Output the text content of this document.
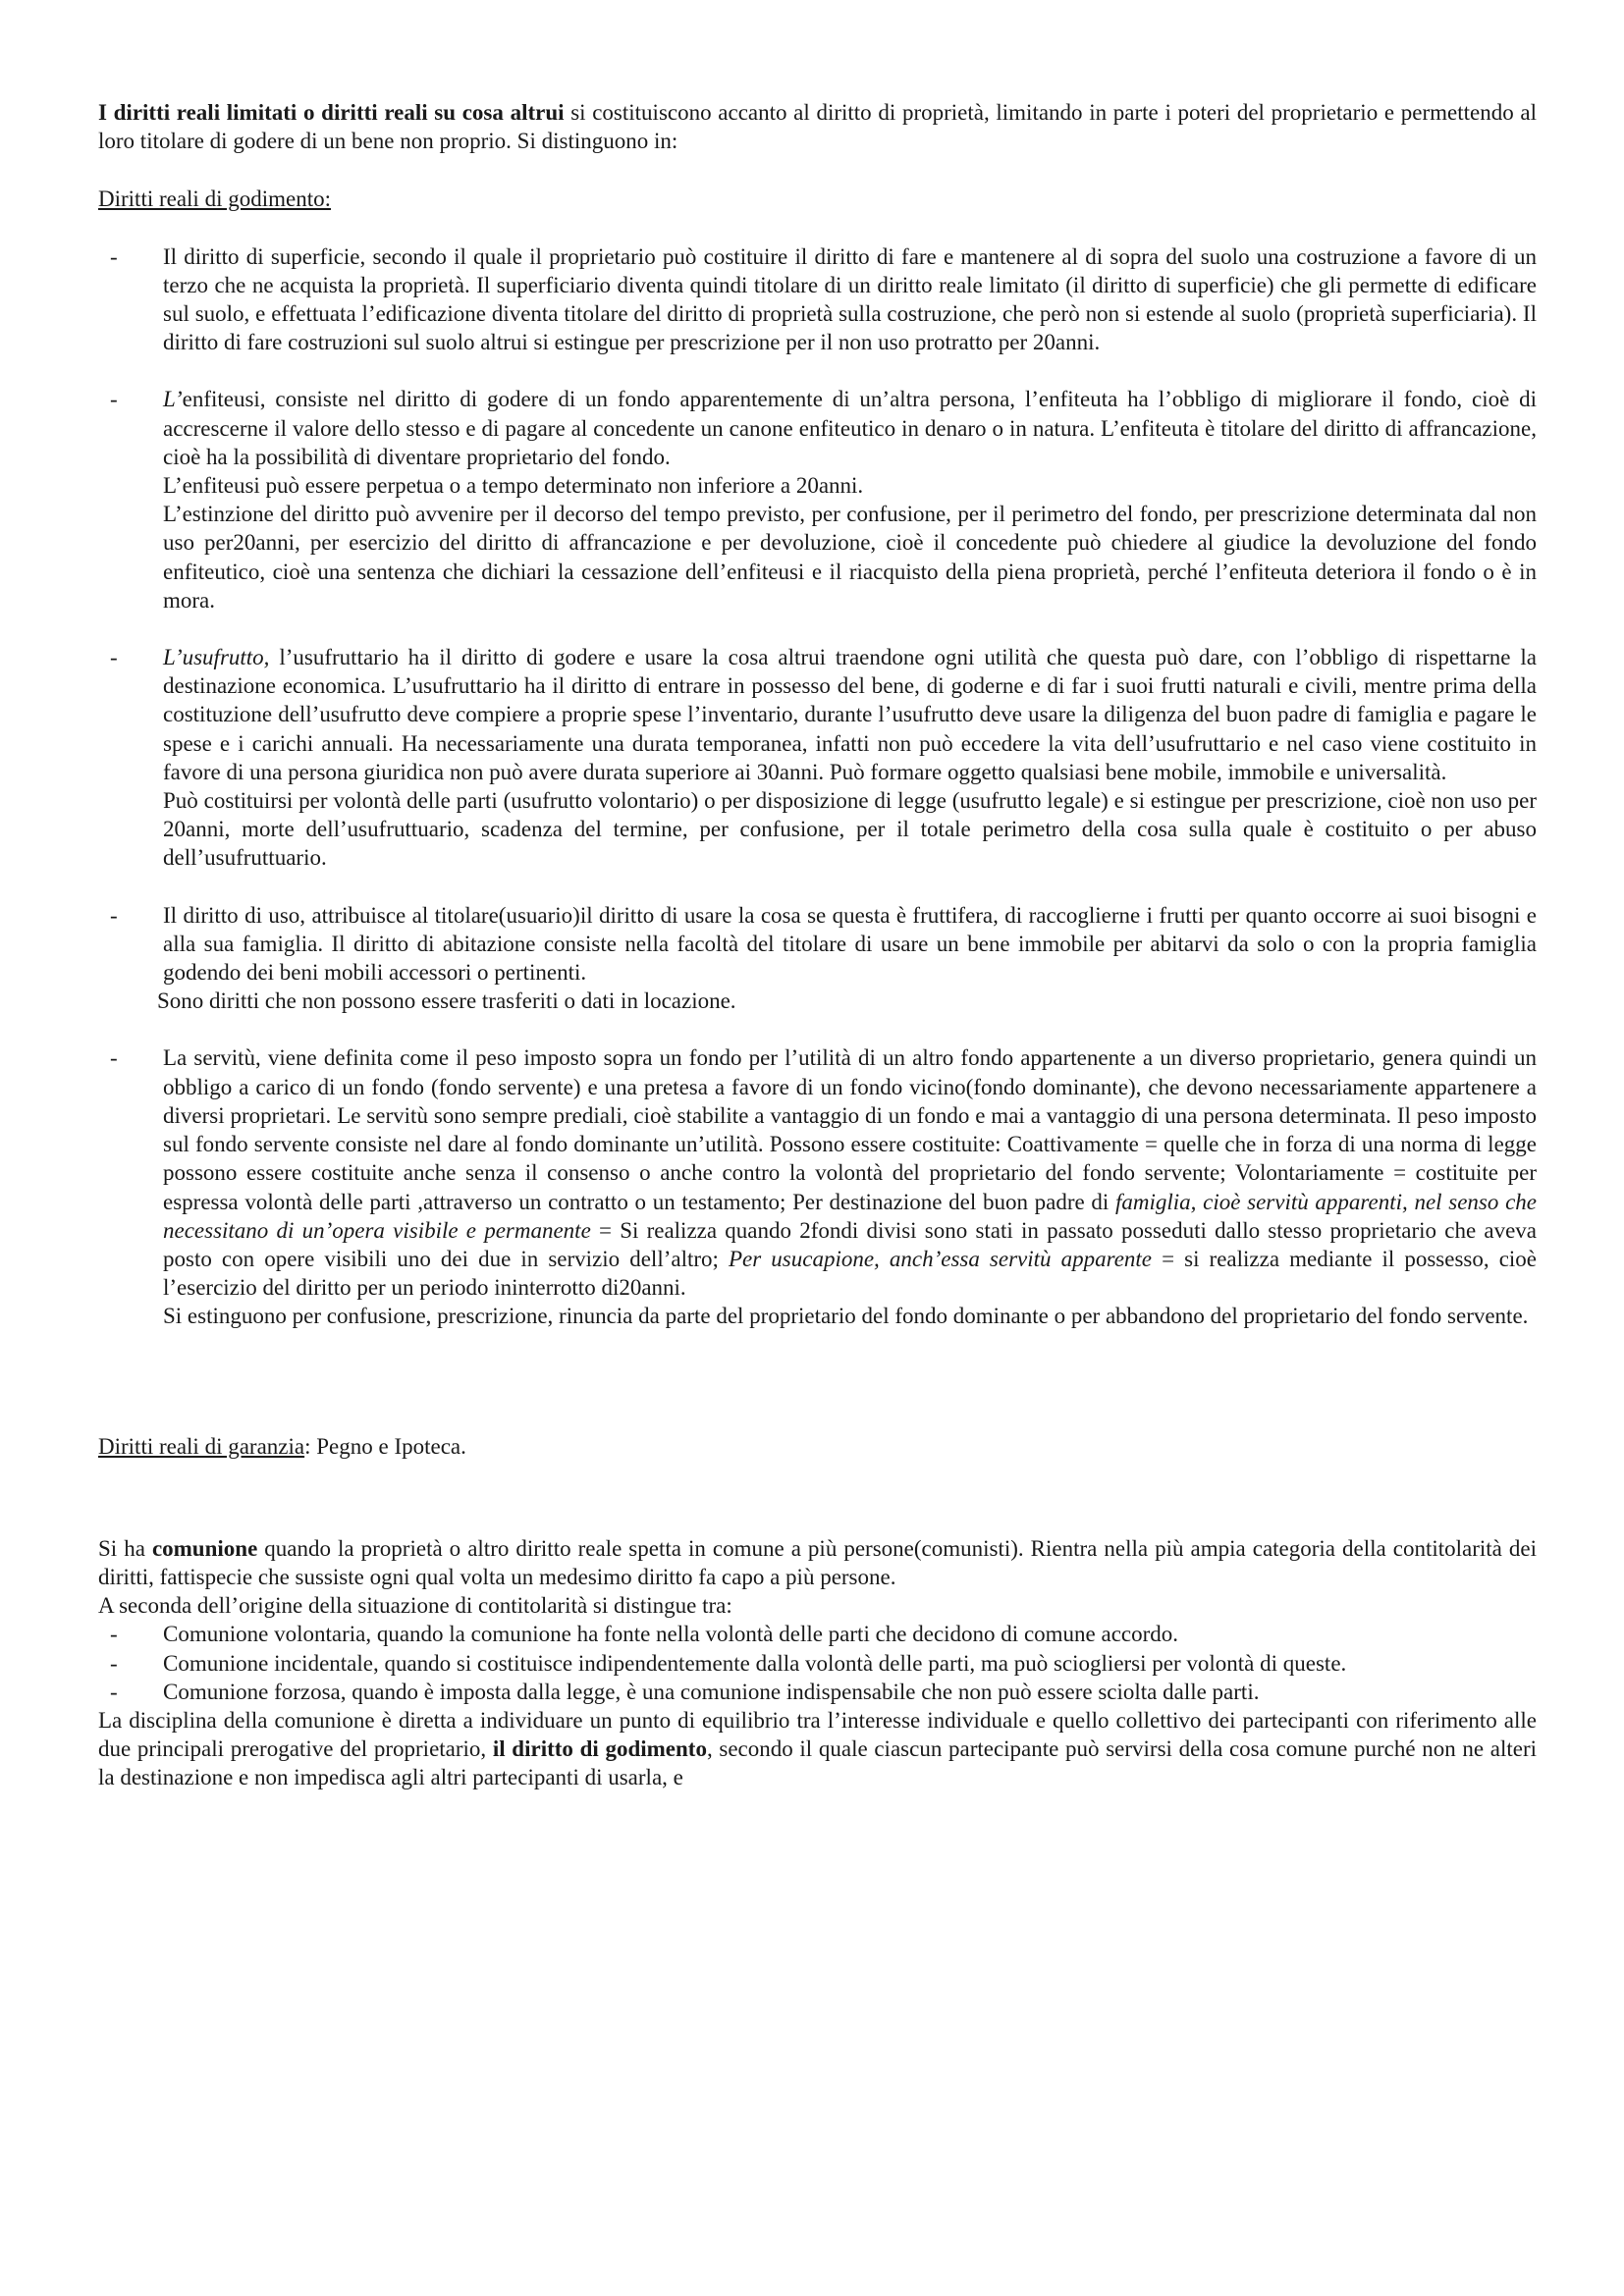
I diritti reali limitati o diritti reali su cosa altrui si costituiscono accanto al diritto di proprietà, limitando in parte i poteri del proprietario e permettendo al loro titolare di godere di un bene non proprio. Si distinguono in:

Diritti reali di godimento:

- Il diritto di superficie, secondo il quale il proprietario può costituire il diritto di fare e mantenere al di sopra del suolo una costruzione a favore di un terzo che ne acquista la proprietà. Il superficiario diventa quindi titolare di un diritto reale limitato (il diritto di superficie) che gli permette di edificare sul suolo, e effettuata l’edificazione diventa titolare del diritto di proprietà sulla costruzione, che però non si estende al suolo (proprietà superficiaria). Il diritto di fare costruzioni sul suolo altrui si estingue per prescrizione per il non uso protratto per 20anni.

- L’enfiteusi, consiste nel diritto di godere di un fondo apparentemente di un’altra persona, l’enfiteuta ha l’obbligo di migliorare il fondo, cioè di accrescerne il valore dello stesso e di pagare al concedente un canone enfiteutico in denaro o in natura. L’enfiteuta è titolare del diritto di affrancazione, cioè ha la possibilità di diventare proprietario del fondo.

L’enfiteusi può essere perpetua o a tempo determinato non inferiore a 20anni.

L’estinzione del diritto può avvenire per il decorso del tempo previsto, per confusione, per il perimetro del fondo, per prescrizione determinata dal non uso per20anni, per esercizio del diritto di affrancazione e per devoluzione, cioè il concedente può chiedere al giudice la devoluzione del fondo enfiteutico, cioè una sentenza che dichiari la cessazione dell’enfiteusi e il riacquisto della piena proprietà, perché l’enfiteuta deteriora il fondo o è in mora.

- L’usufrutto, l’usufruttario ha il diritto di godere e usare la cosa altrui traendone ogni utilità che questa può dare, con l’obbligo di rispettarne la destinazione economica. L’usufruttario ha il diritto di entrare in possesso del bene, di goderne e di far i suoi frutti naturali e civili, mentre prima della costituzione dell’usufrutto deve compiere a proprie spese l’inventario, durante l’usufrutto deve usare la diligenza del buon padre di famiglia e pagare le spese e i carichi annuali. Ha necessariamente una durata temporanea, infatti non può eccedere la vita dell’usufruttario e nel caso viene costituito in favore di una persona giuridica non può avere durata superiore ai 30anni. Può formare oggetto qualsiasi bene mobile, immobile e universalità.

Può costituirsi per volontà delle parti (usufrutto volontario) o per disposizione di legge (usufrutto legale) e si estingue per prescrizione, cioè non uso per 20anni, morte dell’usufruttuario, scadenza del termine, per confusione, per il totale perimetro della cosa sulla quale è costituito o per abuso dell’usufruttuario.

- Il diritto di uso, attribuisce al titolare(usuario)il diritto di usare la cosa se questa è fruttifera, di raccoglierne i frutti per quanto occorre ai suoi bisogni e alla sua famiglia. Il diritto di abitazione consiste nella facoltà del titolare di usare un bene immobile per abitarvi da solo o con la propria famiglia godendo dei beni mobili accessori o pertinenti.

Sono diritti che non possono essere trasferiti o dati in locazione.

- La servitù, viene definita come il peso imposto sopra un fondo per l’utilità di un altro fondo appartenente a un diverso proprietario, genera quindi un obbligo a carico di un fondo (fondo servente) e una pretesa a favore di un fondo vicino(fondo dominante), che devono necessariamente appartenere a diversi proprietari. Le servitù sono sempre prediali, cioè stabilite a vantaggio di un fondo e mai a vantaggio di una persona determinata. Il peso imposto sul fondo servente consiste nel dare al fondo dominante un’utilità. Possono essere costituite: Coattivamente = quelle che in forza di una norma di legge possono essere costituite anche senza il consenso o anche contro la volontà del proprietario del fondo servente; Volontariamente = costituite per espressa volontà delle parti ,attraverso un contratto o un testamento; Per destinazione del buon padre di famiglia, cioè servitù apparenti, nel senso che necessitano di un’opera visibile e permanente = Si realizza quando 2fondi divisi sono stati in passato posseduti dallo stesso proprietario che aveva posto con opere visibili uno dei due in servizio dell’altro; Per usucapione, anch’essa servitù apparente = si realizza mediante il possesso, cioè l’esercizio del diritto per un periodo ininterrotto di20anni.

Si estinguono per confusione, prescrizione, rinuncia da parte del proprietario del fondo dominante o per abbandono del proprietario del fondo servente.

Diritti reali di garanzia: Pegno e Ipoteca.

Si ha comunione quando la proprietà o altro diritto reale spetta in comune a più persone(comunisti). Rientra nella più ampia categoria della contitolarità dei diritti, fattispecie che sussiste ogni qual volta un medesimo diritto fa capo a più persone.

A seconda dell’origine della situazione di contitolarità si distingue tra:

- Comunione volontaria, quando la comunione ha fonte nella volontà delle parti che decidono di comune accordo.

- Comunione incidentale, quando si costituisce indipendentemente dalla volontà delle parti, ma può sciogliersi per volontà di queste.

- Comunione forzosa, quando è imposta dalla legge, è una comunione indispensabile che non può essere sciolta dalle parti.

La disciplina della comunione è diretta a individuare un punto di equilibrio tra l’interesse individuale e quello collettivo dei partecipanti con riferimento alle due principali prerogative del proprietario, il diritto di godimento, secondo il quale ciascun partecipante può servirsi della cosa comune purché non ne alteri la destinazione e non impedisca agli altri partecipanti di usarla, e
